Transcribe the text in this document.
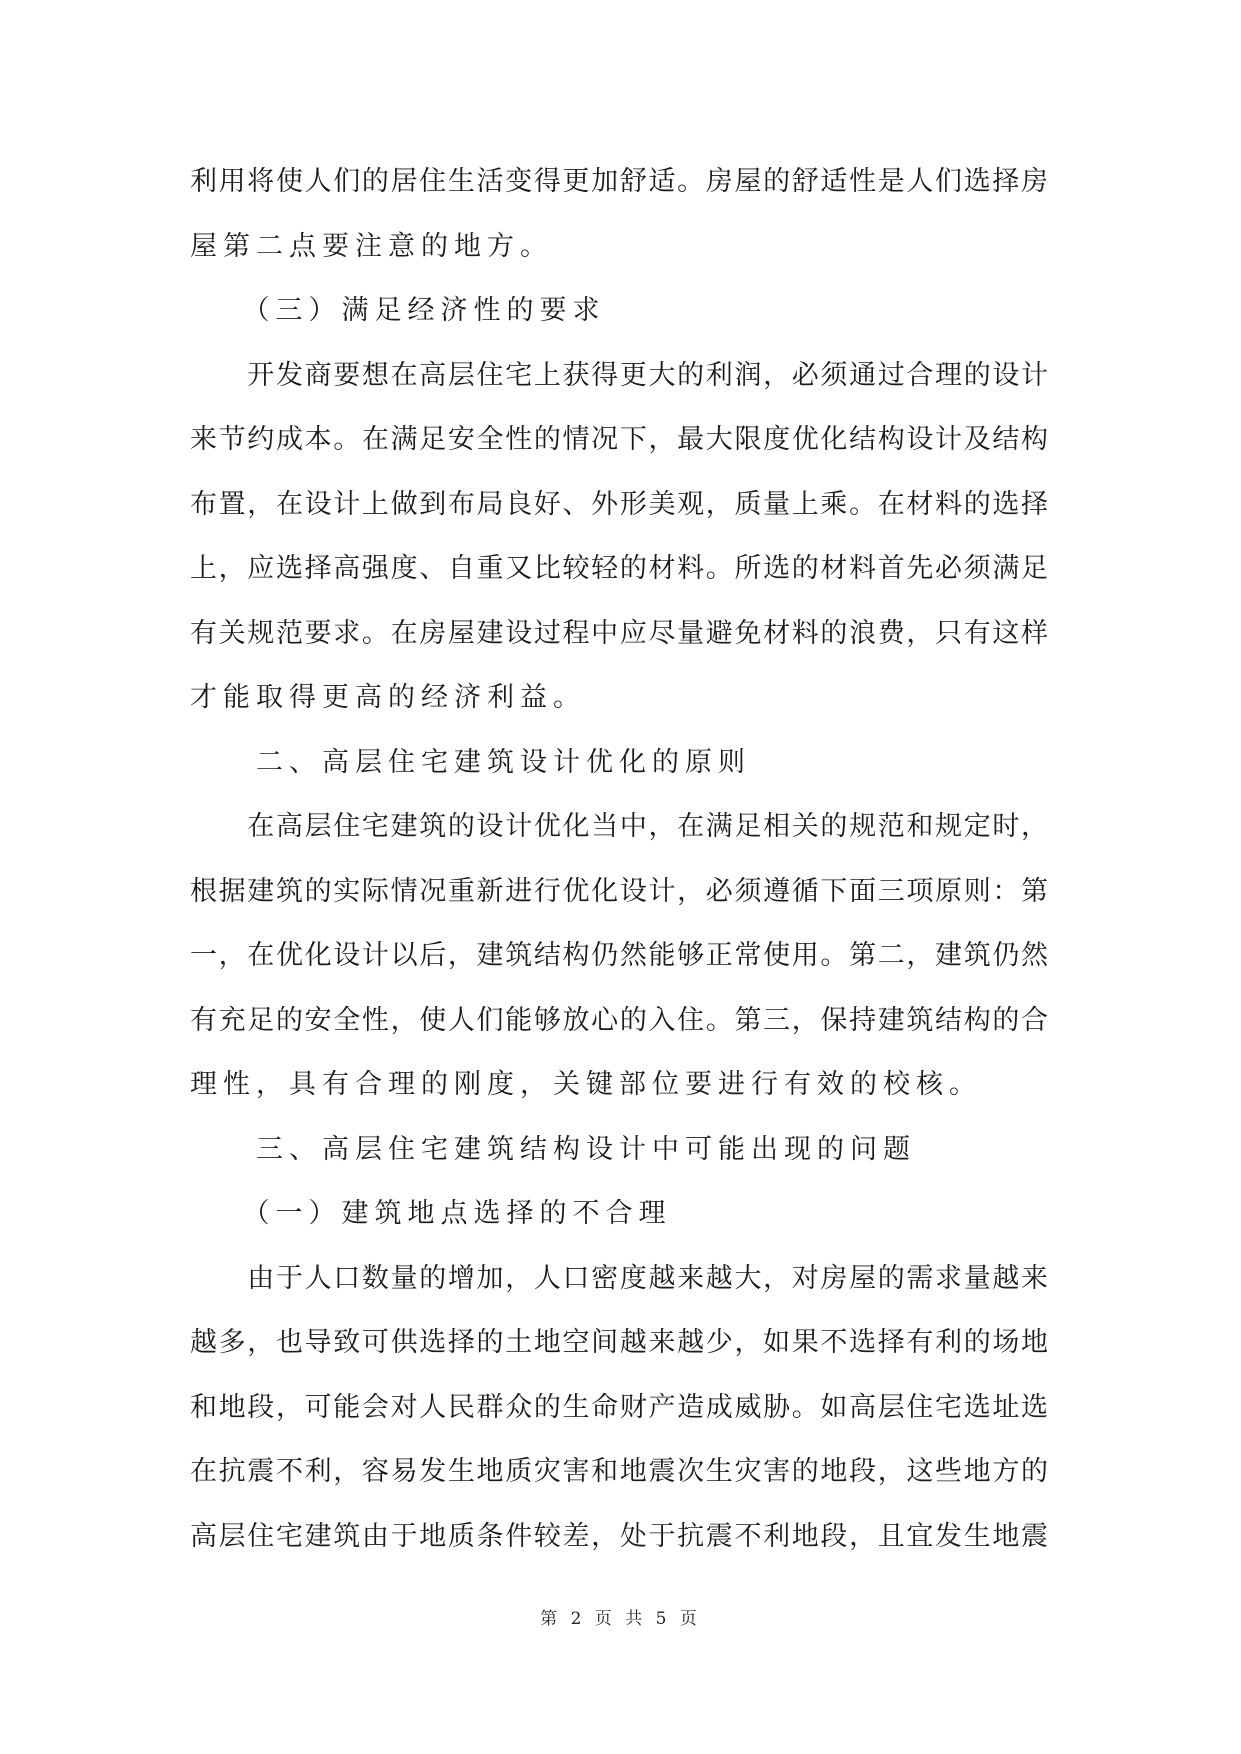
利用将使人们的居住生活变得更加舒适。房屋的舒适性是人们选择房
屋第二点要注意的地方。
　　（三）满足经济性的要求
　　开发商要想在高层住宅上获得更大的利润，必须通过合理的设计
来节约成本。在满足安全性的情况下，最大限度优化结构设计及结构
布置，在设计上做到布局良好、外形美观，质量上乘。在材料的选择
上，应选择高强度、自重又比较轻的材料。所选的材料首先必须满足
有关规范要求。在房屋建设过程中应尽量避免材料的浪费，只有这样
才能取得更高的经济利益。
　　二、高层住宅建筑设计优化的原则
　　在高层住宅建筑的设计优化当中，在满足相关的规范和规定时，
根据建筑的实际情况重新进行优化设计，必须遵循下面三项原则：第
一，在优化设计以后，建筑结构仍然能够正常使用。第二，建筑仍然
有充足的安全性，使人们能够放心的入住。第三，保持建筑结构的合
理性，具有合理的刚度，关键部位要进行有效的校核。
　　三、高层住宅建筑结构设计中可能出现的问题
　　（一）建筑地点选择的不合理
　　由于人口数量的增加，人口密度越来越大，对房屋的需求量越来
越多，也导致可供选择的土地空间越来越少，如果不选择有利的场地
和地段，可能会对人民群众的生命财产造成威胁。如高层住宅选址选
在抗震不利，容易发生地质灾害和地震次生灾害的地段，这些地方的
高层住宅建筑由于地质条件较差，处于抗震不利地段，且宜发生地震
第 2 页 共 5 页
